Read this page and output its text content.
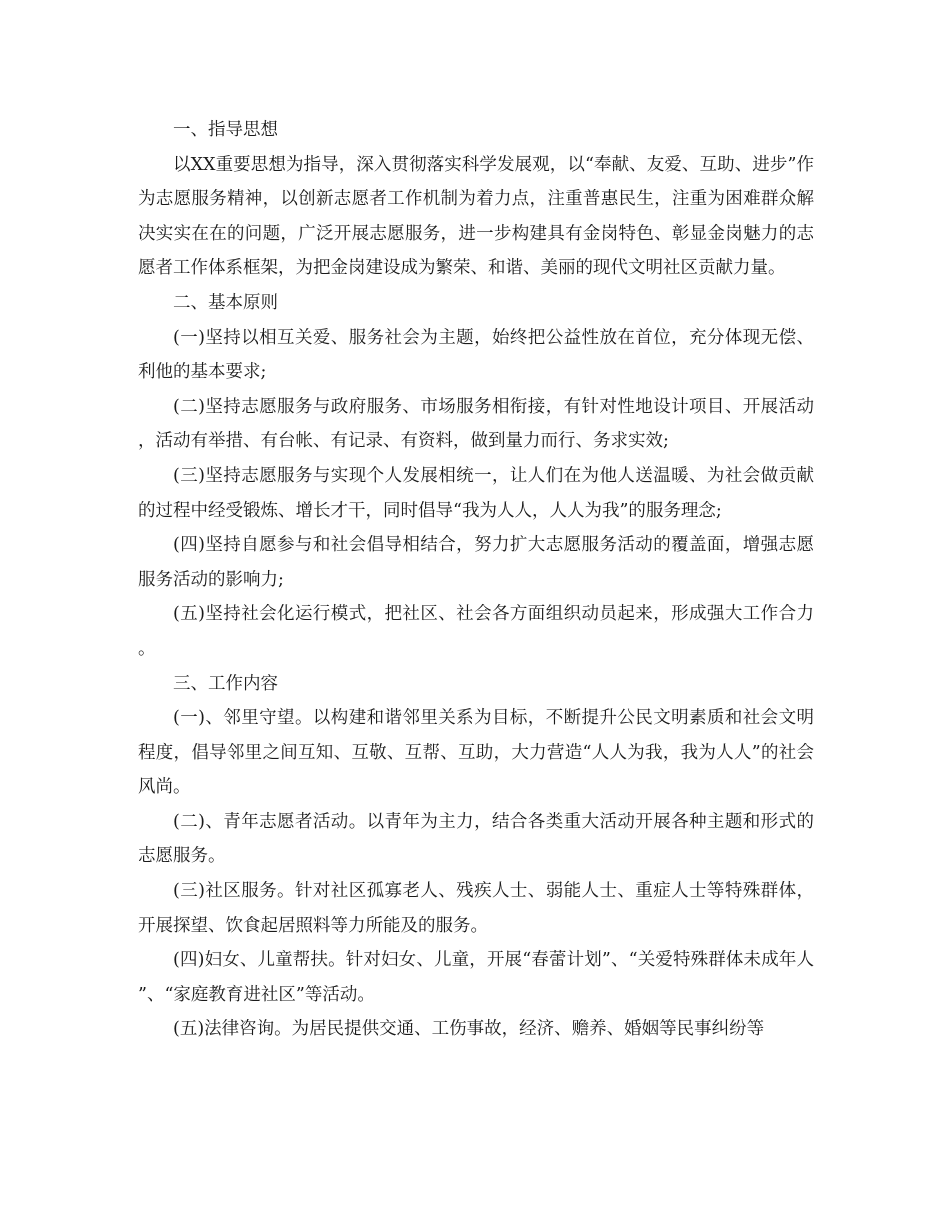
一、指导思想

以XX重要思想为指导，深入贯彻落实科学发展观，以“奉献、友爱、互助、进步”作为志愿服务精神，以创新志愿者工作机制为着力点，注重普惠民生，注重为困难群众解决实实在在的问题，广泛开展志愿服务，进一步构建具有金岗特色、彰显金岗魅力的志愿者工作体系框架，为把金岗建设成为繁荣、和谐、美丽的现代文明社区贡献力量。

二、基本原则

(一)坚持以相互关爱、服务社会为主题，始终把公益性放在首位，充分体现无偿、利他的基本要求;

(二)坚持志愿服务与政府服务、市场服务相衔接，有针对性地设计项目、开展活动，活动有举措、有台帐、有记录、有资料，做到量力而行、务求实效;

(三)坚持志愿服务与实现个人发展相统一，让人们在为他人送温暖、为社会做贡献的过程中经受锻炼、增长才干，同时倡导“我为人人，人人为我”的服务理念;

(四)坚持自愿参与和社会倡导相结合，努力扩大志愿服务活动的覆盖面，增强志愿服务活动的影响力;

(五)坚持社会化运行模式，把社区、社会各方面组织动员起来，形成强大工作合力。

三、工作内容

(一)、邻里守望。以构建和谐邻里关系为目标，不断提升公民文明素质和社会文明程度，倡导邻里之间互知、互敬、互帮、互助，大力营造“人人为我，我为人人”的社会风尚。

(二)、青年志愿者活动。以青年为主力，结合各类重大活动开展各种主题和形式的志愿服务。

(三)社区服务。针对社区孤寡老人、残疾人士、弱能人士、重症人士等特殊群体，开展探望、饮食起居照料等力所能及的服务。

(四)妇女、儿童帮扶。针对妇女、儿童，开展“春蕾计划”、“关爱特殊群体未成年人”、“家庭教育进社区”等活动。

(五)法律咨询。为居民提供交通、工伤事故，经济、赡养、婚姻等民事纠纷等
